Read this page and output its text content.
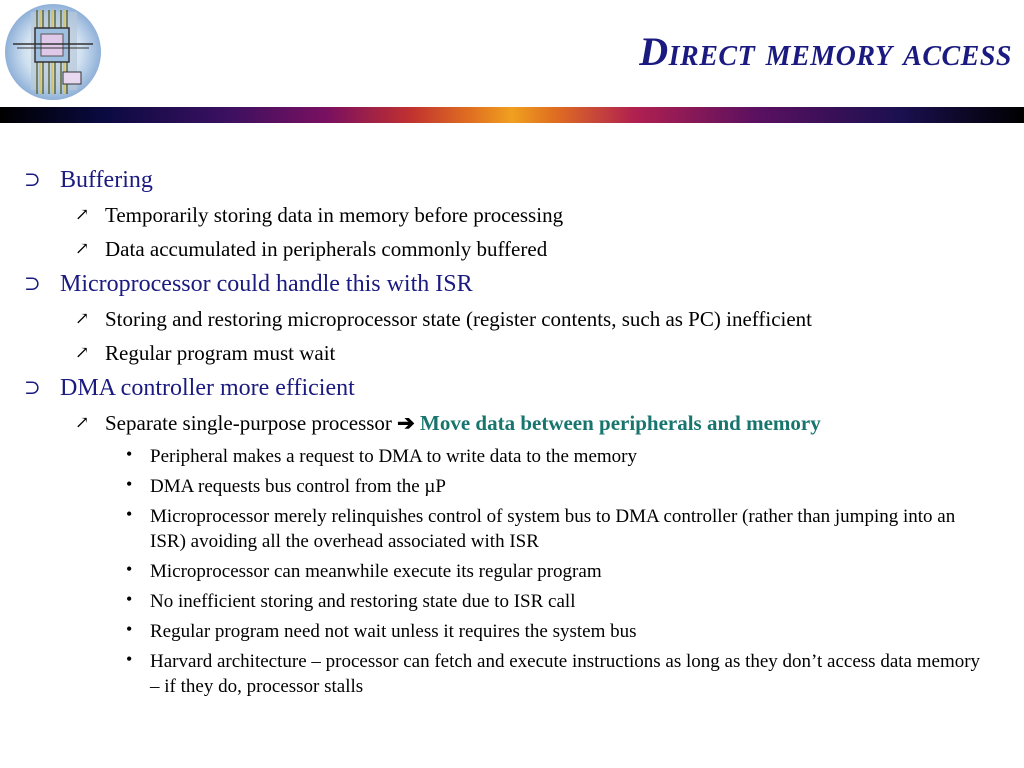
Direct memory access
⊃ Buffering
↗ Temporarily storing data in memory before processing
↗ Data accumulated in peripherals commonly buffered
⊃ Microprocessor could handle this with ISR
↗ Storing and restoring microprocessor state (register contents, such as PC) inefficient
↗ Regular program must wait
⊃ DMA controller more efficient
↗ Separate single-purpose processor ➔ Move data between peripherals and memory
• Peripheral makes a request to DMA to write data to the memory
• DMA requests bus control from the µP
• Microprocessor merely relinquishes control of system bus to DMA controller (rather than jumping into an ISR) avoiding all the overhead associated with ISR
• Microprocessor can meanwhile execute its regular program
• No inefficient storing and restoring state due to ISR call
• Regular program need not wait unless it requires the system bus
• Harvard architecture – processor can fetch and execute instructions as long as they don’t access data memory – if they do, processor stalls
